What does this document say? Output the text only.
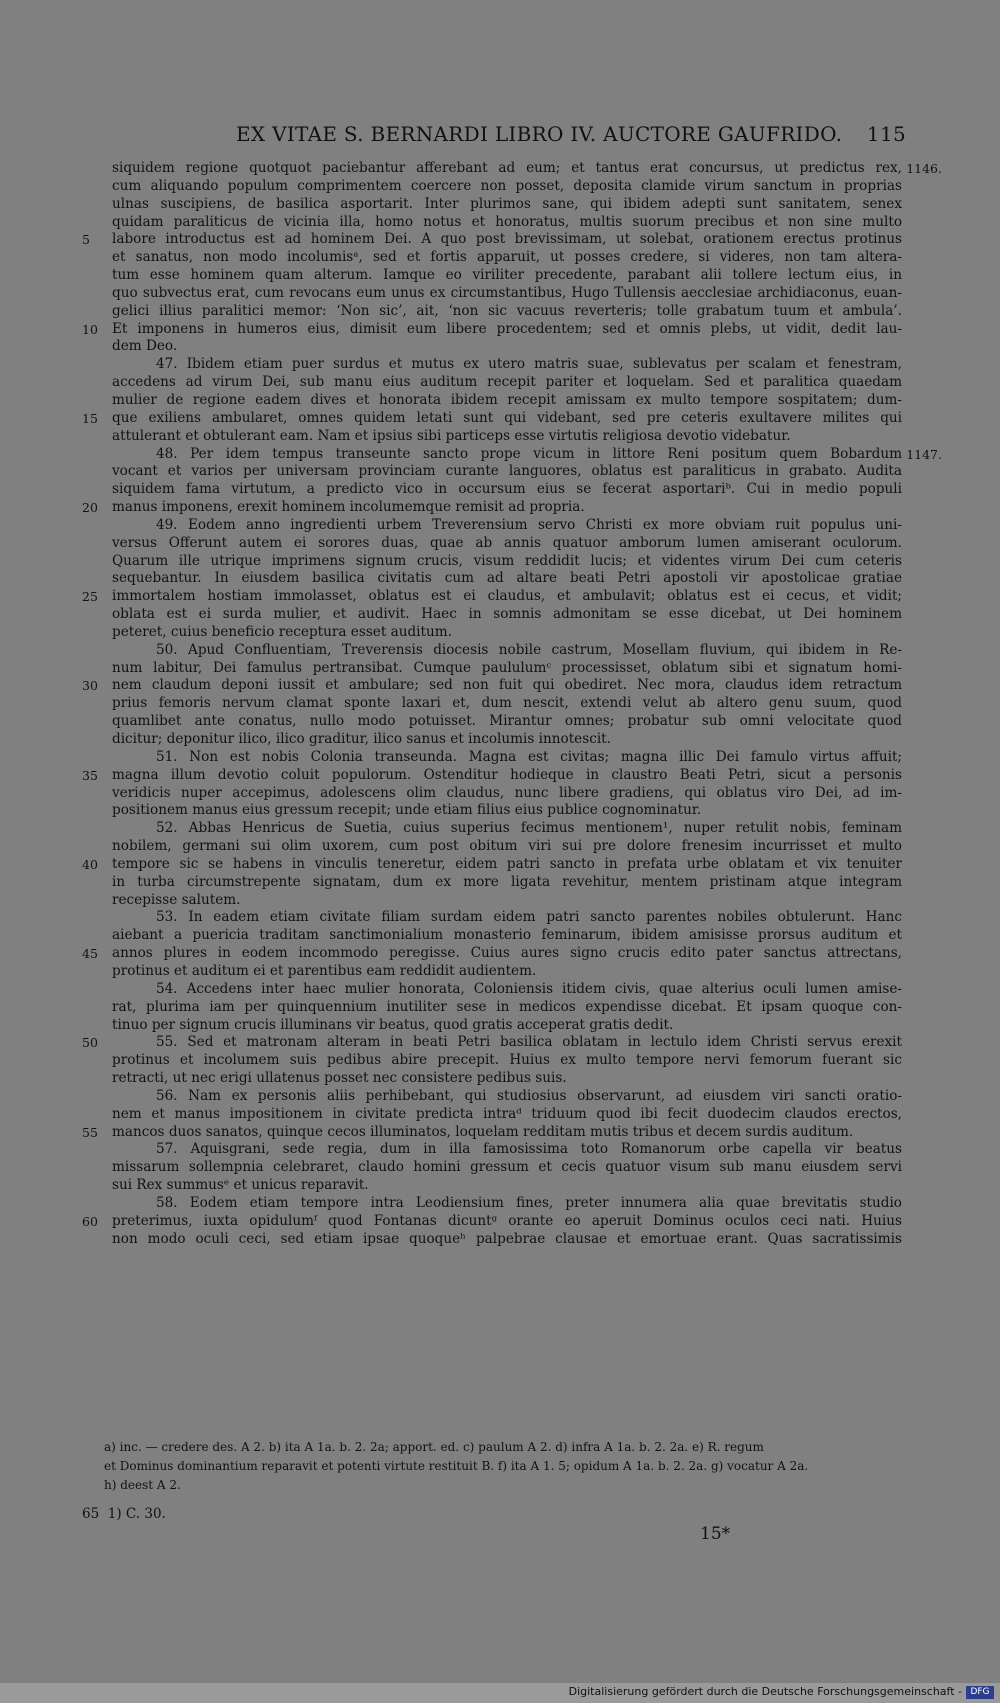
EX VITAE S. BERNARDI LIBRO IV. AUCTORE GAUFRIDO. 115
siquidem regione quotquot paciebantur afferebant ad eum; et tantus erat concursus, ut predictus rex, 1146.
cum aliquando populum comprimentem coercere non posset, deposita clamide virum sanctum in proprias
ulnas suscipiens, de basilica asportarit. Inter plurimos sane, qui ibidem adepti sunt sanitatem, senex
quidam paraliticus de vicinia illa, homo notus et honoratus, multis suorum precibus et non sine multo
5	labore introductus est ad hominem Dei. A quo post brevissimam, ut solebat, orationem erectus protinus
et sanatus, non modo incolumisᵃ, sed et fortis apparuit, ut posses credere, si videres, non tam altera-
tum esse hominem quam alterum. Iamque eo viriliter precedente, parabant alii tollere lectum eius, in
quo subvectus erat, cum revocans eum unus ex circumstantibus, Hugo Tullensis aecclesiae archidiaconus, euan-
gelici illius paralitici memor: ‘Non sic’, ait, ‘non sic vacuus reverteris; tolle grabatum tuum et ambula’.
10	Et imponens in humeros eius, dimisit eum libere procedentem; sed et omnis plebs, ut vidit, dedit lau-
dem Deo.
47. Ibidem etiam puer surdus et mutus ex utero matris suae, sublevatus per scalam et fenestram,
accedens ad virum Dei, sub manu eius auditum recepit pariter et loquelam. Sed et paralitica quaedam
mulier de regione eadem dives et honorata ibidem recepit amissam ex multo tempore sospitatem; dum-
15	que exiliens ambularet, omnes quidem letati sunt qui videbant, sed pre ceteris exultavere milites qui
attulerant et obtulerant eam. Nam et ipsius sibi particeps esse virtutis religiosa devotio videbatur.
48. Per idem tempus transeunte sancto prope vicum in littore Reni positum quem Bobardum 1147.
vocant et varios per universam provinciam curante languores, oblatus est paraliticus in grabato. Audita
siquidem fama virtutum, a predicto vico in occursum eius se fecerat asportariᵇ. Cui in medio populi
20	manus imponens, erexit hominem incolumemque remisit ad propria.
49. Eodem anno ingredienti urbem Treverensium servo Christi ex more obviam ruit populus uni-
versus Offerunt autem ei sorores duas, quae ab annis quatuor amborum lumen amiserant oculorum.
Quarum ille utrique imprimens signum crucis, visum reddidit lucis; et videntes virum Dei cum ceteris
sequebantur. In eiusdem basilica civitatis cum ad altare beati Petri apostoli vir apostolicae gratiae
25	immortalem hostiam immolasset, oblatus est ei claudus, et ambulavit; oblatus est ei cecus, et vidit;
oblata est ei surda mulier, et audivit. Haec in somnis admonitam se esse dicebat, ut Dei hominem
peteret, cuius beneficio receptura esset auditum.
50. Apud Confluentiam, Treverensis diocesis nobile castrum, Mosellam fluvium, qui ibidem in Re-
num labitur, Dei famulus pertransibat. Cumque paululumᶜ processisset, oblatum sibi et signatum homi-
30	nem claudum deponi iussit et ambulare; sed non fuit qui obediret. Nec mora, claudus idem retractum
prius femoris nervum clamat sponte laxari et, dum nescit, extendi velut ab altero genu suum, quod
quamlibet ante conatus, nullo modo potuisset. Mirantur omnes; probatur sub omni velocitate quod
dicitur; deponitur ilico, ilico graditur, ilico sanus et incolumis innotescit.
51. Non est nobis Colonia transeunda. Magna est civitas; magna illic Dei famulo virtus affuit;
35	magna illum devotio coluit populorum. Ostenditur hodieque in claustro Beati Petri, sicut a personis
veridicis nuper accepimus, adolescens olim claudus, nunc libere gradiens, qui oblatus viro Dei, ad im-
positionem manus eius gressum recepit; unde etiam filius eius publice cognominatur.
52. Abbas Henricus de Suetia, cuius superius fecimus mentionem¹, nuper retulit nobis, feminam
nobilem, germani sui olim uxorem, cum post obitum viri sui pre dolore frenesim incurrisset et multo
40	tempore sic se habens in vinculis teneretur, eidem patri sancto in prefata urbe oblatam et vix tenuiter
in turba circumstrepente signatam, dum ex more ligata revehitur, mentem pristinam atque integram
recepisse salutem.
53. In eadem etiam civitate filiam surdam eidem patri sancto parentes nobiles obtulerunt. Hanc
aiebant a puericia traditam sanctimonialium monasterio feminarum, ibidem amisisse prorsus auditum et
45	annos plures in eodem incommodo peregisse. Cuius aures signo crucis edito pater sanctus attrectans,
protinus et auditum ei et parentibus eam reddidit audientem.
54. Accedens inter haec mulier honorata, Coloniensis itidem civis, quae alterius oculi lumen amise-
rat, plurima iam per quinquennium inutiliter sese in medicos expendisse dicebat. Et ipsam quoque con-
tinuo per signum crucis illuminans vir beatus, quod gratis acceperat gratis dedit.
50	55. Sed et matronam alteram in beati Petri basilica oblatam in lectulo idem Christi servus erexit
protinus et incolumem suis pedibus abire precepit. Huius ex multo tempore nervi femorum fuerant sic
retracti, ut nec erigi ullatenus posset nec consistere pedibus suis.
56. Nam ex personis aliis perhibebant, qui studiosius observarunt, ad eiusdem viri sancti oratio-
nem et manus impositionem in civitate predicta intraᵈ triduum quod ibi fecit duodecim claudos erectos,
55	mancos duos sanatos, quinque cecos illuminatos, loquelam redditam mutis tribus et decem surdis auditum.
57. Aquisgrani, sede regia, dum in illa famosissima toto Romanorum orbe capella vir beatus
missarum sollempnia celebraret, claudo homini gressum et cecis quatuor visum sub manu eiusdem servi
sui Rex summusᵉ et unicus reparavit.
58. Eodem etiam tempore intra Leodiensium fines, preter innumera alia quae brevitatis studio
60	preterimus, iuxta opidulumᶠ quod Fontanas dicuntᵍ orante eo aperuit Dominus oculos ceci nati. Huius
non modo oculi ceci, sed etiam ipsae quoqueʰ palpebrae clausae et emortuae erant. Quas sacratissimis
a) inc. — credere des. A 2. b) ita A 1a. b. 2. 2a; apport. ed. c) paulum A 2. d) infra A 1a. b. 2. 2a. e) R. regum
et Dominus dominantium reparavit et potenti virtute restituit B. f) ita A 1. 5; opidum A 1a. b. 2. 2a. g) vocatur A 2a.
h) deest A 2.
65 1) C. 30.
15*
Digitalisierung gefördert durch die Deutsche Forschungsgemeinschaft - DFG
